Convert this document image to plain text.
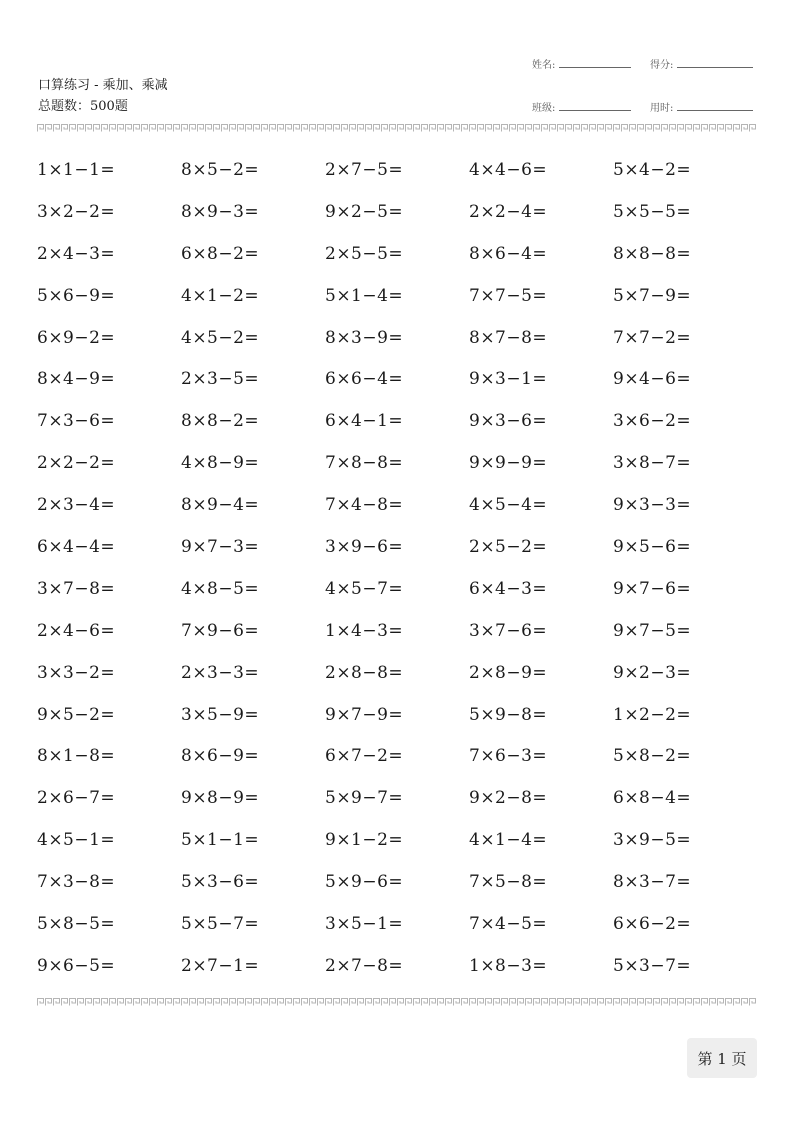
姓名:	得分:
班级:	用时:
口算练习 - 乘加、乘减
总题数：500题
1×1−1=	8×5−2=	2×7−5=	4×4−6=	5×4−2=
3×2−2=	8×9−3=	9×2−5=	2×2−4=	5×5−5=
2×4−3=	6×8−2=	2×5−5=	8×6−4=	8×8−8=
5×6−9=	4×1−2=	5×1−4=	7×7−5=	5×7−9=
6×9−2=	4×5−2=	8×3−9=	8×7−8=	7×7−2=
8×4−9=	2×3−5=	6×6−4=	9×3−1=	9×4−6=
7×3−6=	8×8−2=	6×4−1=	9×3−6=	3×6−2=
2×2−2=	4×8−9=	7×8−8=	9×9−9=	3×8−7=
2×3−4=	8×9−4=	7×4−8=	4×5−4=	9×3−3=
6×4−4=	9×7−3=	3×9−6=	2×5−2=	9×5−6=
3×7−8=	4×8−5=	4×5−7=	6×4−3=	9×7−6=
2×4−6=	7×9−6=	1×4−3=	3×7−6=	9×7−5=
3×3−2=	2×3−3=	2×8−8=	2×8−9=	9×2−3=
9×5−2=	3×5−9=	9×7−9=	5×9−8=	1×2−2=
8×1−8=	8×6−9=	6×7−2=	7×6−3=	5×8−2=
2×6−7=	9×8−9=	5×9−7=	9×2−8=	6×8−4=
4×5−1=	5×1−1=	9×1−2=	4×1−4=	3×9−5=
7×3−8=	5×3−6=	5×9−6=	7×5−8=	8×3−7=
5×8−5=	5×5−7=	3×5−1=	7×4−5=	6×6−2=
9×6−5=	2×7−1=	2×7−8=	1×8−3=	5×3−7=
第 1 页
